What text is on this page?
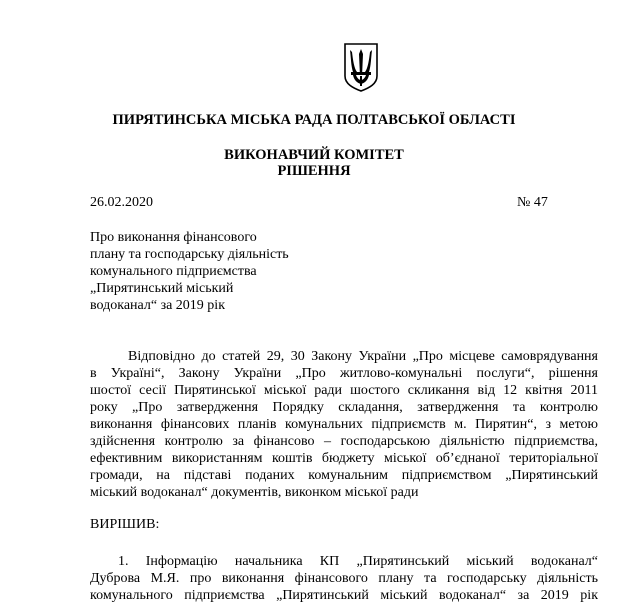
ПИРЯТИНСЬКА МІСЬКА РАДА ПОЛТАВСЬКОЇ ОБЛАСТІ
ВИКОНАВЧИЙ КОМІТЕТ
РІШЕННЯ
26.02.2020	№ 47
Про виконання фінансового
плану та господарську діяльність
комунального підприємства
„Пирятинський міський
водоканал“ за 2019 рік
Відповідно до статей 29, 30 Закону України „Про місцеве самоврядування
в Україні“, Закону України „Про житлово-комунальні послуги“, рішення
шостої сесії Пирятинської міської ради шостого скликання від 12 квітня 2011
року „Про затвердження Порядку складання, затвердження та контролю
виконання фінансових планів комунальних підприємств м. Пирятин“, з метою
здійснення контролю за фінансово – господарською діяльністю підприємства,
ефективним використанням коштів бюджету міської об’єднаної територіальної
громади, на підставі поданих комунальним підприємством „Пирятинський
міський водоканал“ документів, виконком міської ради
ВИРІШИВ:
1. Інформацію начальника КП „Пирятинський міський водоканал“
Дуброва М.Я. про виконання фінансового плану та господарську діяльність
комунального підприємства „Пирятинський міський водоканал“ за 2019 рік
